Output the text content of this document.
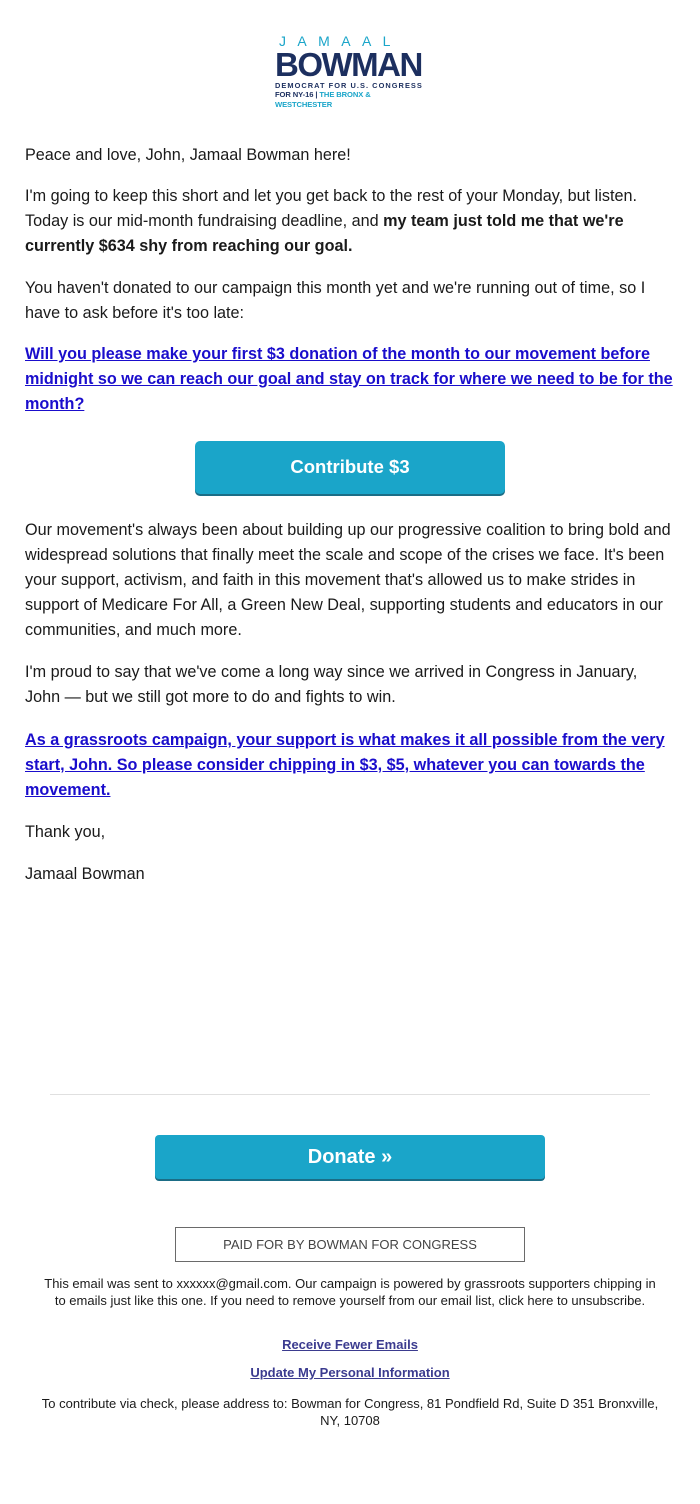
JAMAAL
BOWMAN
DEMOCRAT FOR U.S. CONGRESS
FOR NY-16 | THE BRONX & WESTCHESTER

Peace and love, John, Jamaal Bowman here!

I'm going to keep this short and let you get back to the rest of your Monday, but listen. Today is our mid-month fundraising deadline, and my team just told me that we're currently $634 shy from reaching our goal.

You haven't donated to our campaign this month yet and we're running out of time, so I have to ask before it's too late:

Will you please make your first $3 donation of the month to our movement before midnight so we can reach our goal and stay on track for where we need to be for the month?

Our movement's always been about building up our progressive coalition to bring bold and widespread solutions that finally meet the scale and scope of the crises we face. It's been your support, activism, and faith in this movement that's allowed us to make strides in support of Medicare For All, a Green New Deal, supporting students and educators in our communities, and much more.

I'm proud to say that we've come a long way since we arrived in Congress in January, John — but we still got more to do and fights to win.

As a grassroots campaign, your support is what makes it all possible from the very start, John. So please consider chipping in $3, $5, whatever you can towards the movement.

Thank you,

Jamaal Bowman

Contribute $3
Donate »
PAID FOR BY BOWMAN FOR CONGRESS
This email was sent to xxxxxx@gmail.com. Our campaign is powered by grassroots supporters chipping in to emails just like this one. If you need to remove yourself from our email list, click here to unsubscribe.
Receive Fewer Emails
Update My Personal Information
To contribute via check, please address to: Bowman for Congress, 81 Pondfield Rd, Suite D 351 Bronxville, NY, 10708
